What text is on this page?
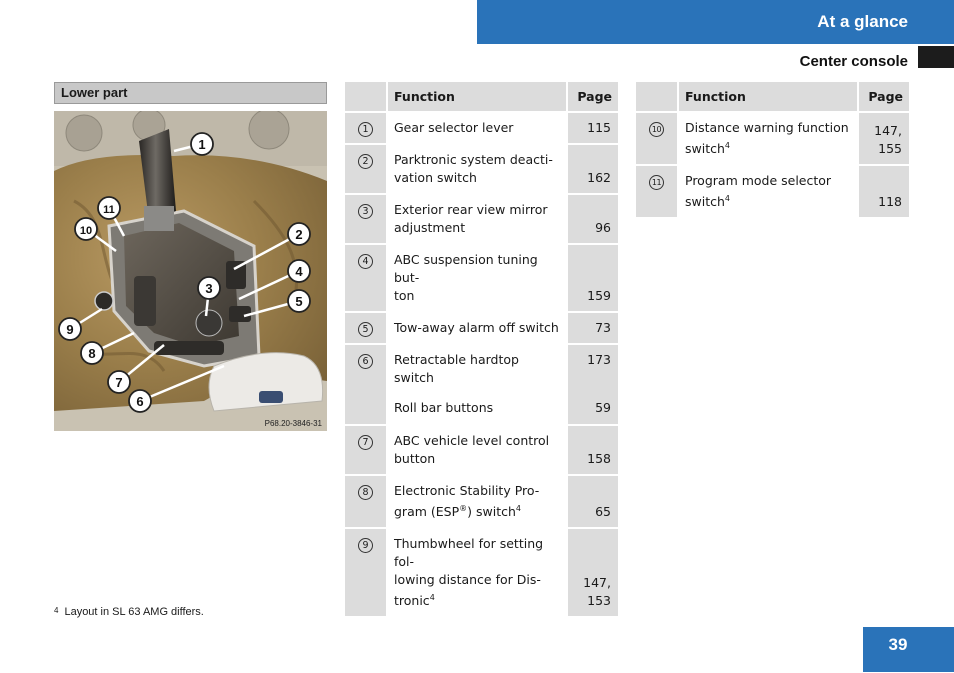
At a glance
Center console
Lower part
1
2
3
4
5
6
7
8
9
10
11
P68.20-3846-31
	Function	Page
1	Gear selector lever	115
2	Parktronic system deacti-
vation switch	162
3	Exterior rear view mirror
adjustment	96
4	ABC suspension tuning but-
ton	159
5	Tow-away alarm off switch	73
6	Retractable hardtop switch	173

	Roll bar buttons	59
7	ABC vehicle level control
button	158
8	Electronic Stability Pro-
gram (ESP®) switch$^4$	65
9	Thumbwheel for setting fol-
lowing distance for Dis-
tronic$^4$	147,
153
	Function	Page
10	Distance warning function
switch$^4$	147,
155

11	Program mode selector
switch$^4$	118
$^4$ Layout in SL 63 AMG differs.
39
